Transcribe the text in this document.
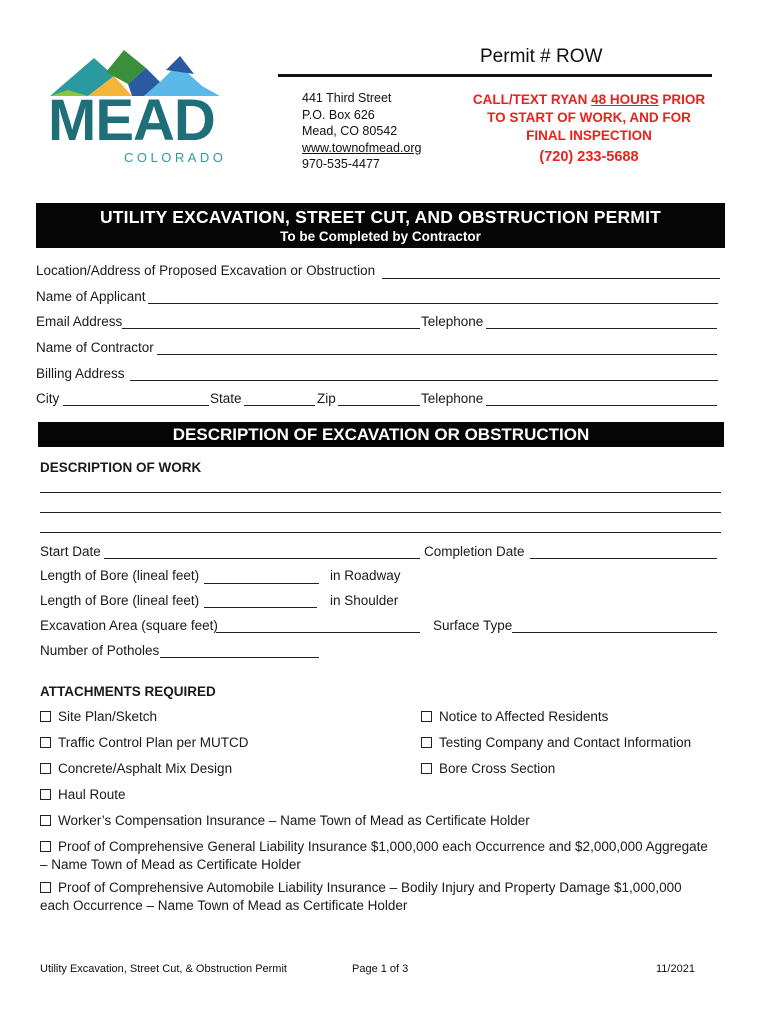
MEAD
COLORADO
Permit # ROW
441 Third Street
P.O. Box 626
Mead, CO 80542
www.townofmead.org
970-535-4477
CALL/TEXT RYAN 48 HOURS PRIOR
TO START OF WORK, AND FOR
FINAL INSPECTION
(720) 233-5688
UTILITY EXCAVATION, STREET CUT, AND OBSTRUCTION PERMIT
To be Completed by Contractor
Location/Address of Proposed Excavation or Obstruction
Name of Applicant
Email Address	Telephone
Name of Contractor
Billing Address
City	State	Zip	Telephone
DESCRIPTION OF EXCAVATION OR OBSTRUCTION
DESCRIPTION OF WORK
Start Date	Completion Date
Length of Bore (lineal feet)	in Roadway
Length of Bore (lineal feet)	in Shoulder
Excavation Area (square feet)	Surface Type
Number of Potholes
ATTACHMENTS REQUIRED
Site Plan/Sketch	Notice to Affected Residents
Traffic Control Plan per MUTCD	Testing Company and Contact Information
Concrete/Asphalt Mix Design	Bore Cross Section
Haul Route
Worker’s Compensation Insurance – Name Town of Mead as Certificate Holder
Proof of Comprehensive General Liability Insurance $1,000,000 each Occurrence and $2,000,000 Aggregate
– Name Town of Mead as Certificate Holder
Proof of Comprehensive Automobile Liability Insurance – Bodily Injury and Property Damage $1,000,000
each Occurrence – Name Town of Mead as Certificate Holder
Utility Excavation, Street Cut, & Obstruction Permit	Page 1 of 3	11/2021
